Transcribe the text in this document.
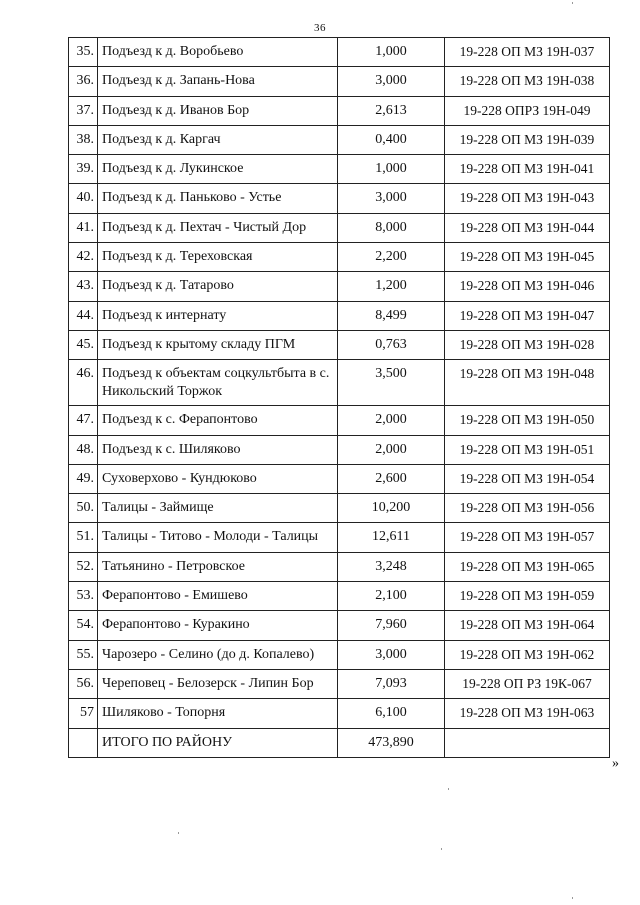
36
35.	Подъезд к д. Воробьево	1,000	19-228 ОП МЗ 19Н-037
36.	Подъезд к д. Запань-Нова	3,000	19-228 ОП МЗ 19Н-038
37.	Подъезд к д. Иванов Бор	2,613	19-228 ОПРЗ 19Н-049
38.	Подъезд к д. Каргач	0,400	19-228 ОП МЗ 19Н-039
39.	Подъезд к д. Лукинское	1,000	19-228 ОП МЗ 19Н-041
40.	Подъезд к д. Паньково - Устье	3,000	19-228 ОП МЗ 19Н-043
41.	Подъезд к д. Пехтач - Чистый Дор	8,000	19-228 ОП МЗ 19Н-044
42.	Подъезд к д. Тереховская	2,200	19-228 ОП МЗ 19Н-045
43.	Подъезд к д. Татарово	1,200	19-228 ОП МЗ 19Н-046
44.	Подъезд к интернату	8,499	19-228 ОП МЗ 19Н-047
45.	Подъезд к крытому складу ПГМ	0,763	19-228 ОП МЗ 19Н-028
46.	Подъезд к объектам соцкультбыта в с. Никольский Торжок	3,500	19-228 ОП МЗ 19Н-048
47.	Подъезд к с. Ферапонтово	2,000	19-228 ОП МЗ 19Н-050
48.	Подъезд к с. Шиляково	2,000	19-228 ОП МЗ 19Н-051
49.	Суховерхово - Кундюково	2,600	19-228 ОП МЗ 19Н-054
50.	Талицы - Займище	10,200	19-228 ОП МЗ 19Н-056
51.	Талицы - Титово - Молоди - Талицы	12,611	19-228 ОП МЗ 19Н-057
52.	Татьянино - Петровское	3,248	19-228 ОП МЗ 19Н-065
53.	Ферапонтово - Емишево	2,100	19-228 ОП МЗ 19Н-059
54.	Ферапонтово - Куракино	7,960	19-228 ОП МЗ 19Н-064
55.	Чарозеро - Селино (до д. Копалево)	3,000	19-228 ОП МЗ 19Н-062
56.	Череповец - Белозерск - Липин Бор	7,093	19-228 ОП РЗ 19К-067
57	Шиляково - Топорня	6,100	19-228 ОП МЗ 19Н-063
	ИТОГО ПО РАЙОНУ	473,890	
»
